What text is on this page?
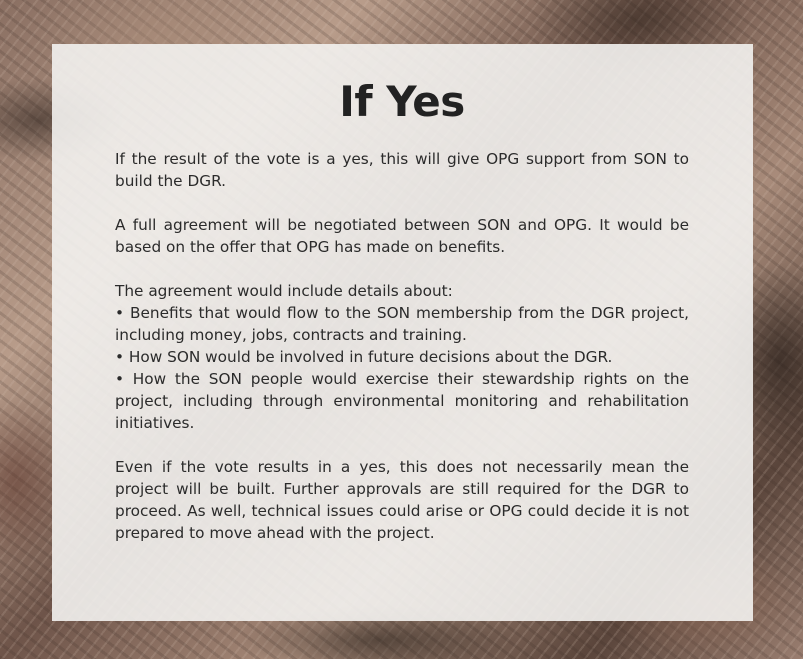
If Yes

If the result of the vote is a yes, this will give OPG support from SON to build the DGR.

A full agreement will be negotiated between SON and OPG. It would be based on the offer that OPG has made on benefits.

The agreement would include details about:
• Benefits that would flow to the SON membership from the DGR project, including money, jobs, contracts and training.
• How SON would be involved in future decisions about the DGR.
• How the SON people would exercise their stewardship rights on the project, including through environmental monitoring and rehabilitation initiatives.

Even if the vote results in a yes, this does not necessarily mean the project will be built. Further approvals are still required for the DGR to proceed. As well, technical issues could arise or OPG could decide it is not prepared to move ahead with the project.
